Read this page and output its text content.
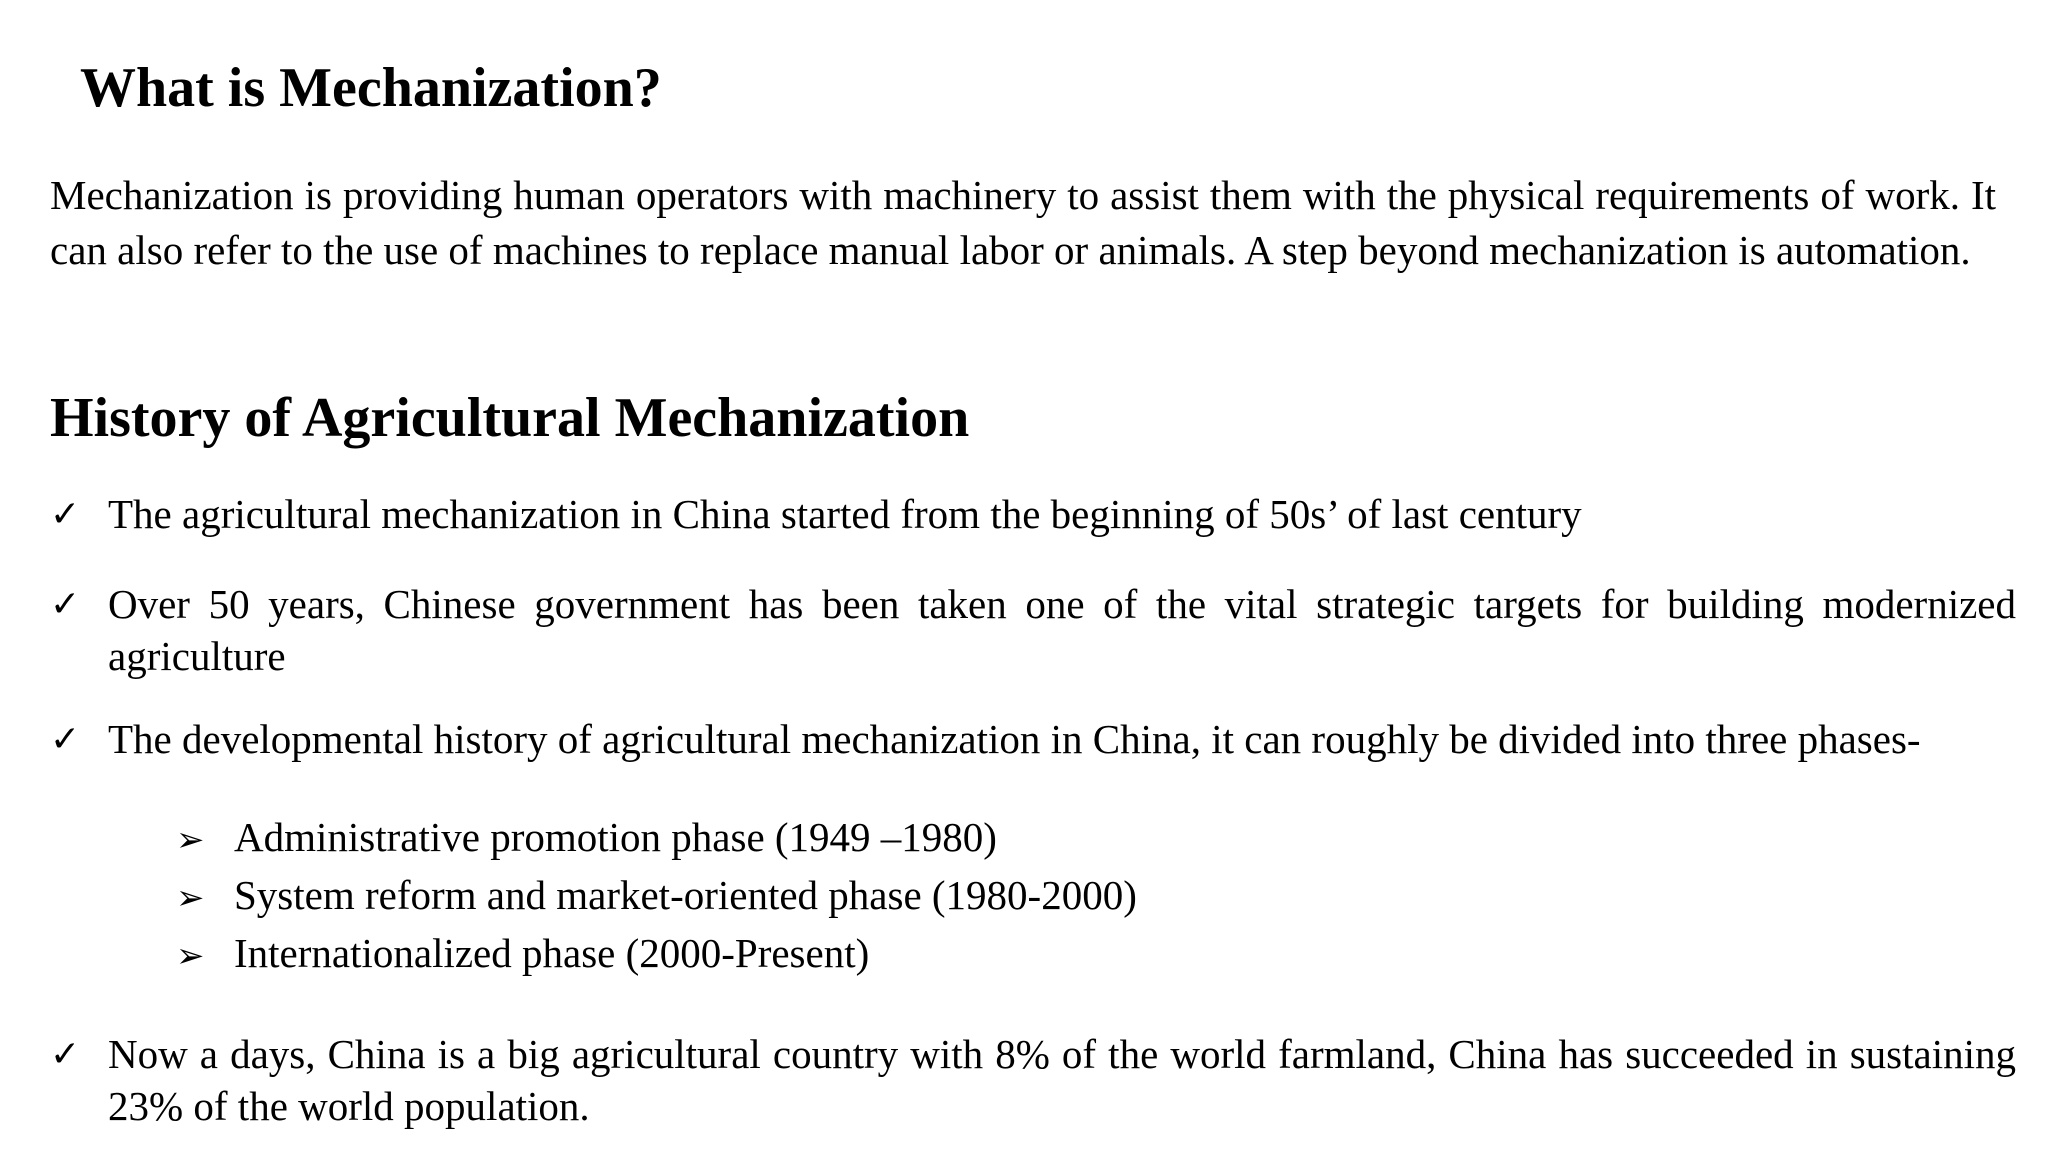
What is Mechanization?

Mechanization is providing human operators with machinery to assist them with the physical requirements of work. It can also refer to the use of machines to replace manual labor or animals. A step beyond mechanization is automation.

History of Agricultural Mechanization
✓ The agricultural mechanization in China started from the beginning of 50s’ of last century
✓ Over 50 years, Chinese government has been taken one of the vital strategic targets for building modernized agriculture
✓ The developmental history of agricultural mechanization in China, it can roughly be divided into three phases-
➢ Administrative promotion phase (1949 –1980)
➢ System reform and market-oriented phase (1980-2000)
➢ Internationalized phase (2000-Present)
✓ Now a days, China is a big agricultural country with 8% of the world farmland, China has succeeded in sustaining 23% of the world population.
